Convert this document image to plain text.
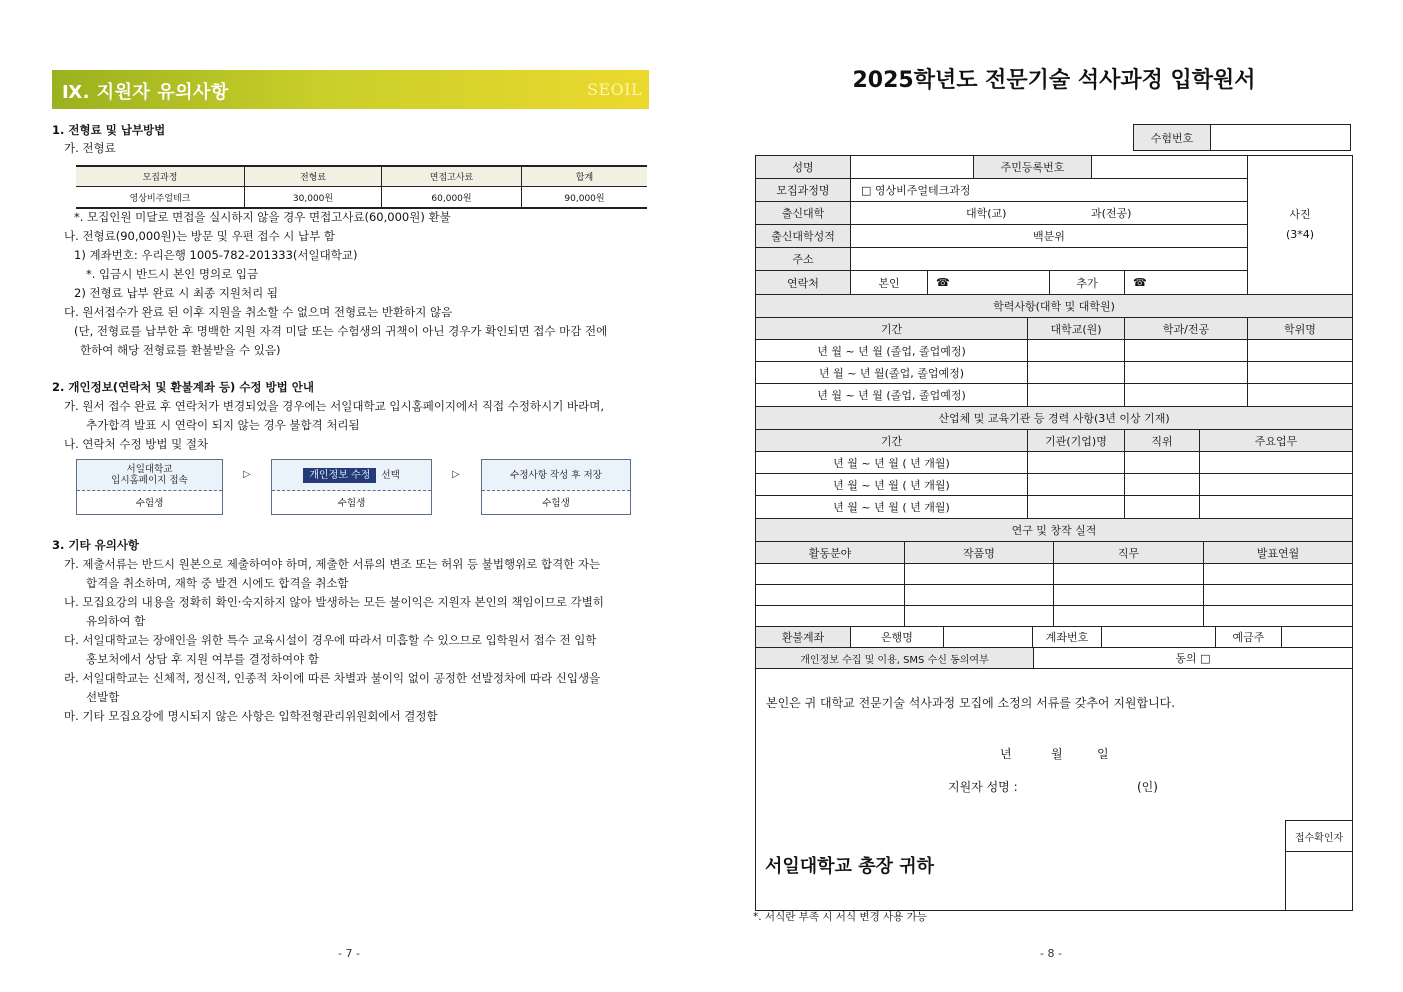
Ⅸ. 지원자 유의사항	SEOIL
1. 전형료 및 납부방법
가. 전형료
모집과정	전형료	면접고사료	합계
영상비주얼테크	30,000원	60,000원	90,000원
*. 모집인원 미달로 면접을 실시하지 않을 경우 면접고사료(60,000원) 환불
나. 전형료(90,000원)는 방문 및 우편 접수 시 납부 함
1) 계좌번호: 우리은행 1005-782-201333(서일대학교)
*. 입금시 반드시 본인 명의로 입금
2) 전형료 납부 완료 시 최종 지원처리 됨
다. 원서접수가 완료 된 이후 지원을 취소할 수 없으며 전형료는 반환하지 않음
(단, 전형료를 납부한 후 명백한 지원 자격 미달 또는 수험생의 귀책이 아닌 경우가 확인되면 접수 마감 전에
한하여 해당 전형료를 환불받을 수 있음)
2. 개인정보(연락처 및 환불계좌 등) 수정 방법 안내
가. 원서 접수 완료 후 연락처가 변경되었을 경우에는 서일대학교 입시홈페이지에서 직접 수정하시기 바라며,
추가합격 발표 시 연락이 되지 않는 경우 불합격 처리됨
나. 연락처 수정 방법 및 절차
서일대학교
입시홈페이지 접속
수험생
▷	개인정보 수정	선택
수험생
▷	수정사항 작성 후 저장
수험생
3. 기타 유의사항
가. 제출서류는 반드시 원본으로 제출하여야 하며, 제출한 서류의 변조 또는 허위 등 불법행위로 합격한 자는
합격을 취소하며, 재학 중 발견 시에도 합격을 취소함
나. 모집요강의 내용을 정확히 확인·숙지하지 않아 발생하는 모든 불이익은 지원자 본인의 책임이므로 각별히
유의하여 함
다. 서일대학교는 장애인을 위한 특수 교육시설이 경우에 따라서 미흡할 수 있으므로 입학원서 접수 전 입학
홍보처에서 상담 후 지원 여부를 결정하여야 함
라. 서일대학교는 신체적, 정신적, 인종적 차이에 따른 차별과 불이익 없이 공정한 선발정차에 따라 신입생을
선발함
마. 기타 모집요강에 명시되지 않은 사항은 입학전형관리위원회에서 결정함
- 7 -
2025학년도 전문기술 석사과정 입학원서
수험번호
성명	주민등록번호
사진
(3*4)
모집과정명	□ 영상비주얼테크과정
출신대학	대학(교)	과(전공)
출신대학성적	백분위
주소
연락처	본인	☎	추가	☎
학력사항(대학 및 대학원)
기간	대학교(원)	학과/전공	학위명
년 월 ~ 년 월 (졸업, 졸업예정)
년 월 ~ 년 월(졸업, 졸업예정)
년 월 ~ 년 월 (졸업, 졸업예정)
산업체 및 교육기관 등 경력 사항(3년 이상 기재)
기간	기관(기업)명	직위	주요업무
년 월 ~ 년 월 ( 년 개월)
년 월 ~ 년 월 ( 년 개월)
년 월 ~ 년 월 ( 년 개월)
연구 및 창작 실적
활동분야	작품명	직무	발표연월
환불계좌	은행명	계좌번호	예금주
개인정보 수집 및 이용, SMS 수신 동의여부	동의 □
본인은 귀 대학교 전문기술 석사과정 모집에 소정의 서류를 갖추어 지원합니다.
년	월	일
지원자 성명 :	(인)
접수확인자
서일대학교 총장 귀하
*. 서식란 부족 시 서식 변경 사용 가능
- 8 -
